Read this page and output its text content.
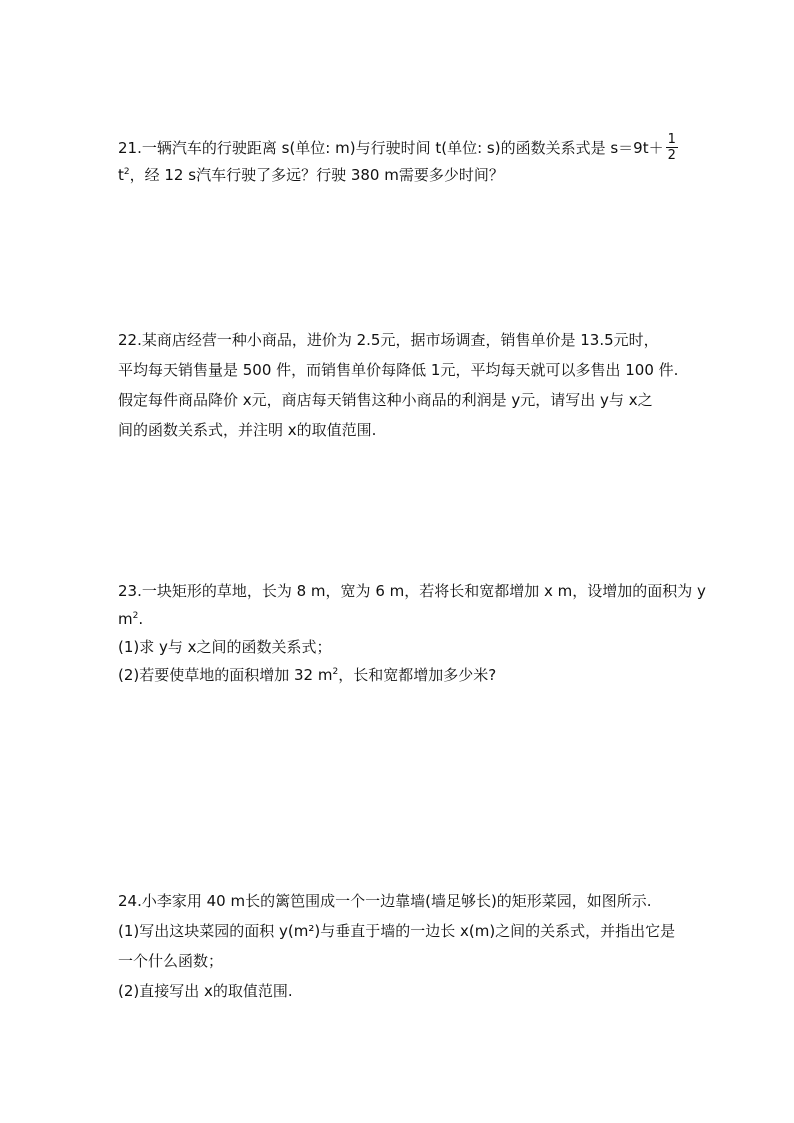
21.一辆汽车的行驶距离 s(单位: m)与行驶时间 t(单位: s)的函数关系式是 $s=9t+ \frac{1}{2}$
$t^2$，经 12 s汽车行驶了多远？行驶 380 m需要多少时间？
22.某商店经营一种小商品，进价为 2.5元，据市场调查，销售单价是 13.5元时，
平均每天销售量是 500 件，而销售单价每降低 1元，平均每天就可以多售出 100 件.
假定每件商品降价 x元，商店每天销售这种小商品的利润是 y元，请写出 y与 x之
间的函数关系式，并注明 x的取值范围.
23.一块矩形的草地，长为 8 m，宽为 6 m，若将长和宽都增加 x m，设增加的面积为 y
$m^2$.
(1)求 y与 x之间的函数关系式；
(2)若要使草地的面积增加 32 $m^2$，长和宽都增加多少米?
24.小李家用 40 m长的篱笆围成一个一边靠墙(墙足够长)的矩形菜园，如图所示.
(1)写出这块菜园的面积 y(m²)与垂直于墙的一边长 x(m)之间的关系式，并指出它是
一个什么函数；
(2)直接写出 x的取值范围.
